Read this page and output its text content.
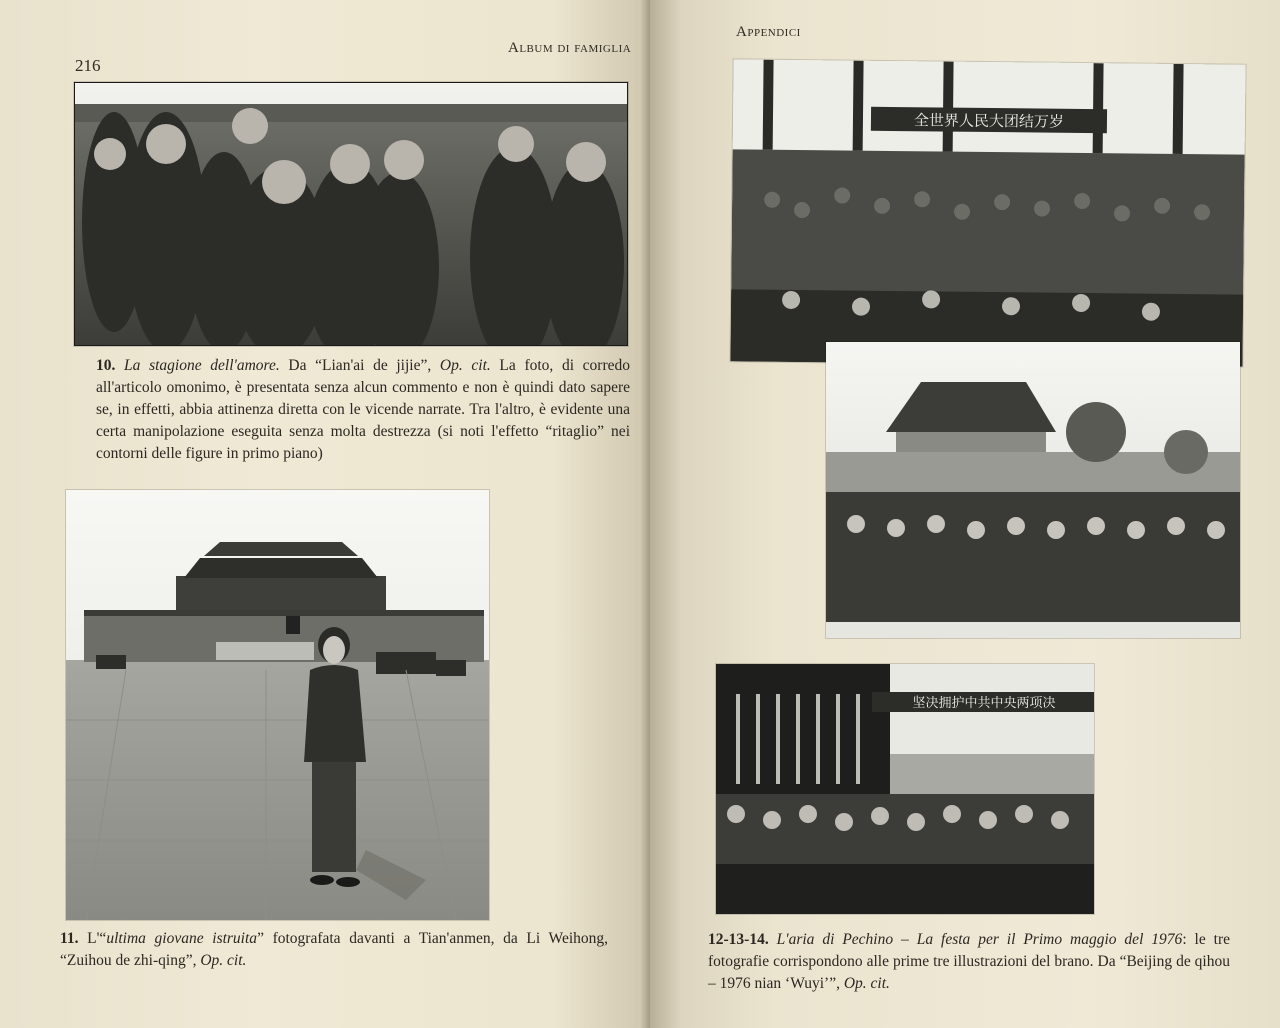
Album di famiglia
216
10. La stagione dell'amore. Da “Lian'ai de jijie”, Op. cit. La foto, di corredo all'articolo omonimo, è presentata senza alcun commento e non è quindi dato sapere se, in effetti, abbia attinenza diretta con le vicende narrate. Tra l'altro, è evidente una certa manipolazione eseguita senza molta destrezza (si noti l'effetto “ritaglio” nei contorni delle figure in primo piano)
11. L'“ultima giovane istruita” fotografata davanti a Tian'anmen, da Li Weihong, “Zuihou de zhi-qing”, Op. cit.
Appendici
全世界人民大团结万岁
坚决拥护中共中央两项决
12-13-14. L'aria di Pechino – La festa per il Primo maggio del 1976: le tre fotografie corrispondono alle prime tre illustrazioni del brano. Da “Beijing de qihou – 1976 nian ‘Wuyi’”, Op. cit.
